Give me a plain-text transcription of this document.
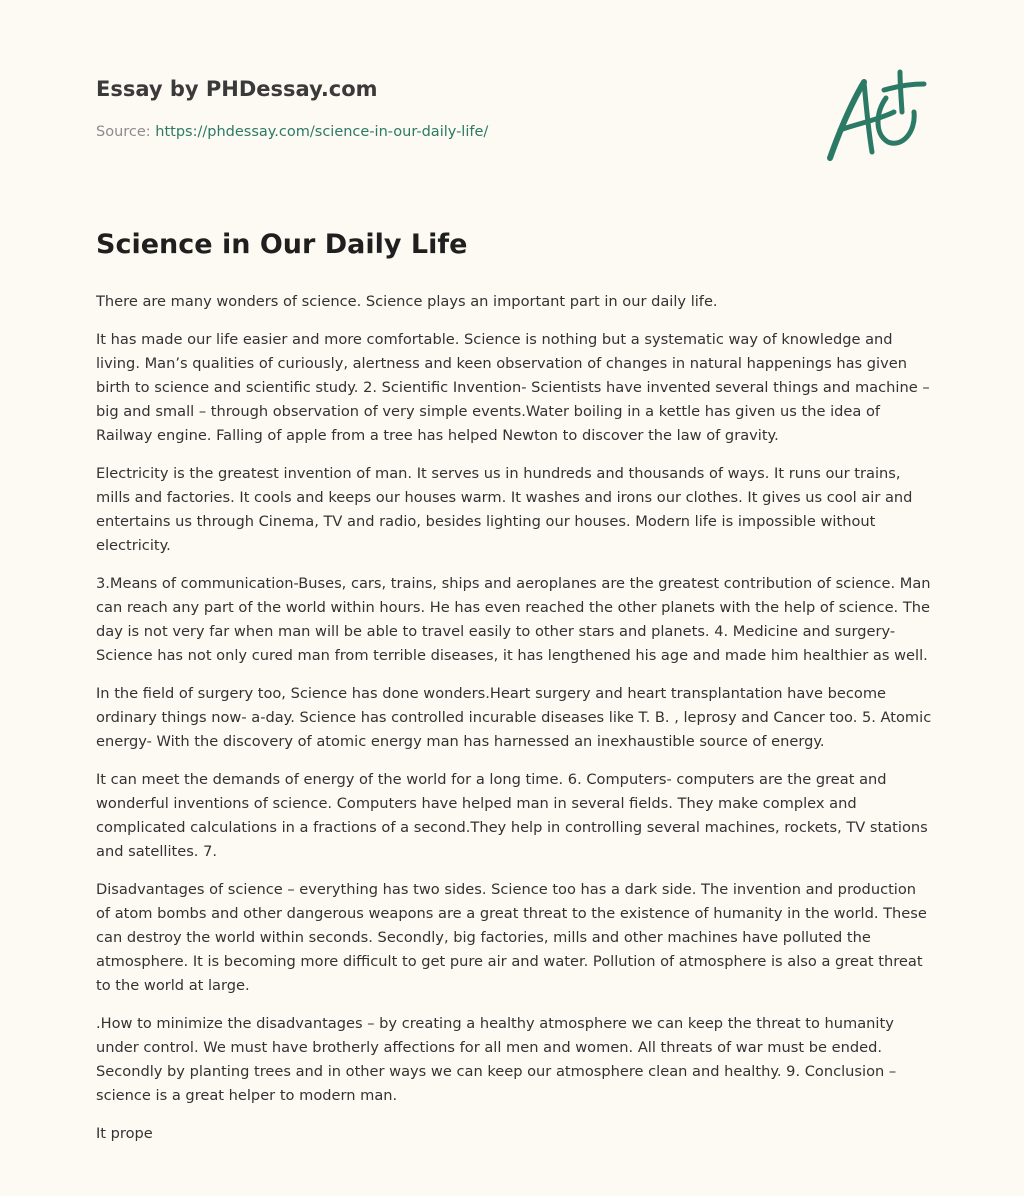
Essay by PHDessay.com
Source: https://phdessay.com/science-in-our-daily-life/
Science in Our Daily Life

There are many wonders of science. Science plays an important part in our daily life.

It has made our life easier and more comfortable. Science is nothing but a systematic way of knowledge and living. Man’s qualities of curiously, alertness and keen observation of changes in natural happenings has given birth to science and scientific study. 2. Scientific Invention- Scientists have invented several things and machine – big and small – through observation of very simple events.Water boiling in a kettle has given us the idea of Railway engine. Falling of apple from a tree has helped Newton to discover the law of gravity.

Electricity is the greatest invention of man. It serves us in hundreds and thousands of ways. It runs our trains, mills and factories. It cools and keeps our houses warm. It washes and irons our clothes. It gives us cool air and entertains us through Cinema, TV and radio, besides lighting our houses. Modern life is impossible without electricity.

3.Means of communication-Buses, cars, trains, ships and aeroplanes are the greatest contribution of science. Man can reach any part of the world within hours. He has even reached the other planets with the help of science. The day is not very far when man will be able to travel easily to other stars and planets. 4. Medicine and surgery-Science has not only cured man from terrible diseases, it has lengthened his age and made him healthier as well.

In the field of surgery too, Science has done wonders.Heart surgery and heart transplantation have become ordinary things now- a-day. Science has controlled incurable diseases like T. B. , leprosy and Cancer too. 5. Atomic energy- With the discovery of atomic energy man has harnessed an inexhaustible source of energy.

It can meet the demands of energy of the world for a long time. 6. Computers- computers are the great and wonderful inventions of science. Computers have helped man in several fields. They make complex and complicated calculations in a fractions of a second.They help in controlling several machines, rockets, TV stations and satellites. 7.

Disadvantages of science – everything has two sides. Science too has a dark side. The invention and production of atom bombs and other dangerous weapons are a great threat to the existence of humanity in the world. These can destroy the world within seconds. Secondly, big factories, mills and other machines have polluted the atmosphere. It is becoming more difficult to get pure air and water. Pollution of atmosphere is also a great threat to the world at large.

.How to minimize the disadvantages – by creating a healthy atmosphere we can keep the threat to humanity under control. We must have brotherly affections for all men and women. All threats of war must be ended. Secondly by planting trees and in other ways we can keep our atmosphere clean and healthy. 9. Conclusion – science is a great helper to modern man.

It prope
